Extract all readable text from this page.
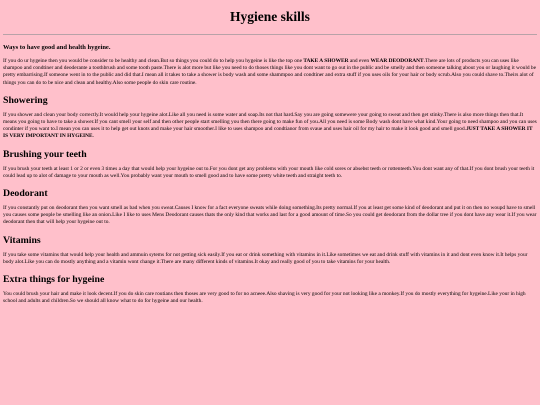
Hygiene skills
Ways to have good and health hygeine.

If you do ur hygeine then you would be consider to be healthy and clean.But so things you could do to help you hygeine is like the top one TAKE A SHOWER and even WEAR DEODORANT.There are lots of products you can uses like shampoo and condtiner and deoderante a toothbrush and some tooth paste.There is alot more but like you need to do thoses things like you dont want to go out in the public and be smelly and then someone talking about you or laughing it would be pretty embarrising.If someone went in to the public and did that.I mean all it takes to take a shower is body wash and some shammpoo and condtiner and extra stuff if you uses oils for your hair or body scrub.Also you could shave to.Theirs alot of things you can do to be nice and clean and healthy.Also some people do skin care routine.

Showering

If you shower and clean your body correctly.It would help your hygeine alot.Like all you need is some water and soap.Its not that hard.Say you are going somewere your going to sweat and then get stinky.There is also more things then that.It means you going to have to take a shower.If you cant smell your self and then other people start smelling you then there going to make fun of you.All you need is some Body wash dont have what kind.Your going to need shampoo and you can uses condinter if you want to.I mean you can uses it to help get out knots and make your hair smoother.I like to uses shampoo and condtianor from svaue and uses hair oil for my hair to make it look good and smell good.JUST TAKE A SHOWER IT IS VERY IMPORTANT IN HYGEINE.

Brushing your teeth

If you brush your teeth at least 1 or 2 or even 3 times a day that would help your hygeine out to.For you dont get any problems with your mouth like cold sores or absebst teeth or rottenteeth.You dont want any of that.If you dont brush your teeth it could lead up to alot of damage to your mouth as well.You probably want your mouth to smell good and to have some pretty white teeth and straight teeth to.

Deodorant

If you constantly put on deodorant then you want smell as bad when you sweat.Causes I know for a fact everyone sweats while doing something.Its pretty normal.If you at least get some kind of deodorant and put it on then no woupd have to smell you causes some people be smelling like an onion.Like I like to uses Mens Deodorant causes thats the only kind that works and last for a good amount of time.So you could get deodorant from the dollar tree if you dont have any wear it.If you wear deodorant then that will help your hygeine out to.

Vitamins

If you take some vitamins that would help your health and ammuin sytems for not getting sick easily.If you eat or drink something with vitamins in it.Like sometimes we eat and drink stuff with vitamins in it and dont even know it.It helps your body alot.Like you can do mostly anything and a vitamin wont change it.There are many different kinds of vitamins.It okay and really good of you to take vitamins for your health.

Extra things for hygeine

You could brush your hair and make it look decent.If you do skin care routians then thoses are very good to for no acneee.Also shaving is very good for your not looking like a monkey.If you do mostly everything for hygeine.Like your in high school and adults and children.So we should all know what to do for hygeine and our health.
